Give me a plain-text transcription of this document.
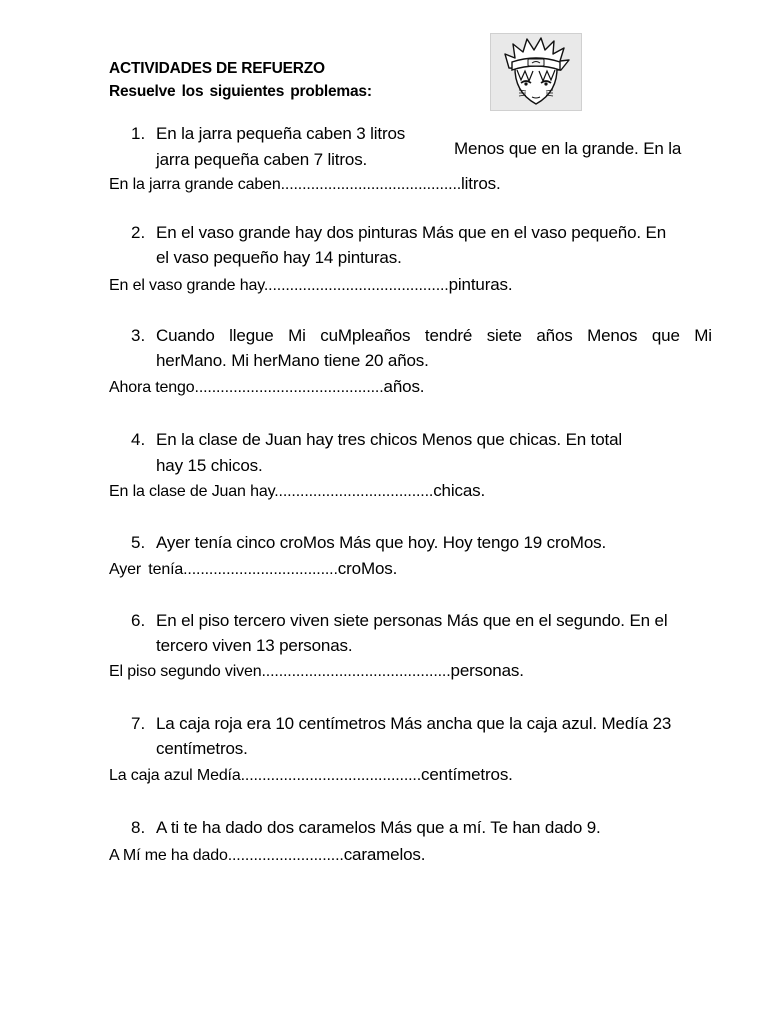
ACTIVIDADES DE REFUERZO
Resuelve los siguientes problemas:
1. En la jarra pequeña caben 3 litros
Menos que en la grande. En la
jarra pequeña caben 7 litros.
En la jarra grande caben..........................................litros.
2. En el vaso grande hay dos pinturas Más que en el vaso pequeño. En
el vaso pequeño hay 14 pinturas.
En el vaso grande hay...........................................pinturas.
3. Cuando llegue Mi cuMpleaños tendré siete años Menos que Mi
herMano. Mi herMano tiene 20 años.
Ahora tengo............................................años.
4. En la clase de Juan hay tres chicos Menos que chicas. En total
hay 15 chicos.
En la clase de Juan hay.....................................chicas.
5. Ayer tenía cinco croMos Más que hoy. Hoy tengo 19 croMos.
Ayer tenía....................................croMos.
6. En el piso tercero viven siete personas Más que en el segundo. En el
tercero viven 13 personas.
El piso segundo viven............................................personas.
7. La caja roja era 10 centímetros Más ancha que la caja azul. Medía 23
centímetros.
La caja azul Medía..........................................centímetros.
8. A ti te ha dado dos caramelos Más que a mí. Te han dado 9.
A Mí me ha dado...........................caramelos.
